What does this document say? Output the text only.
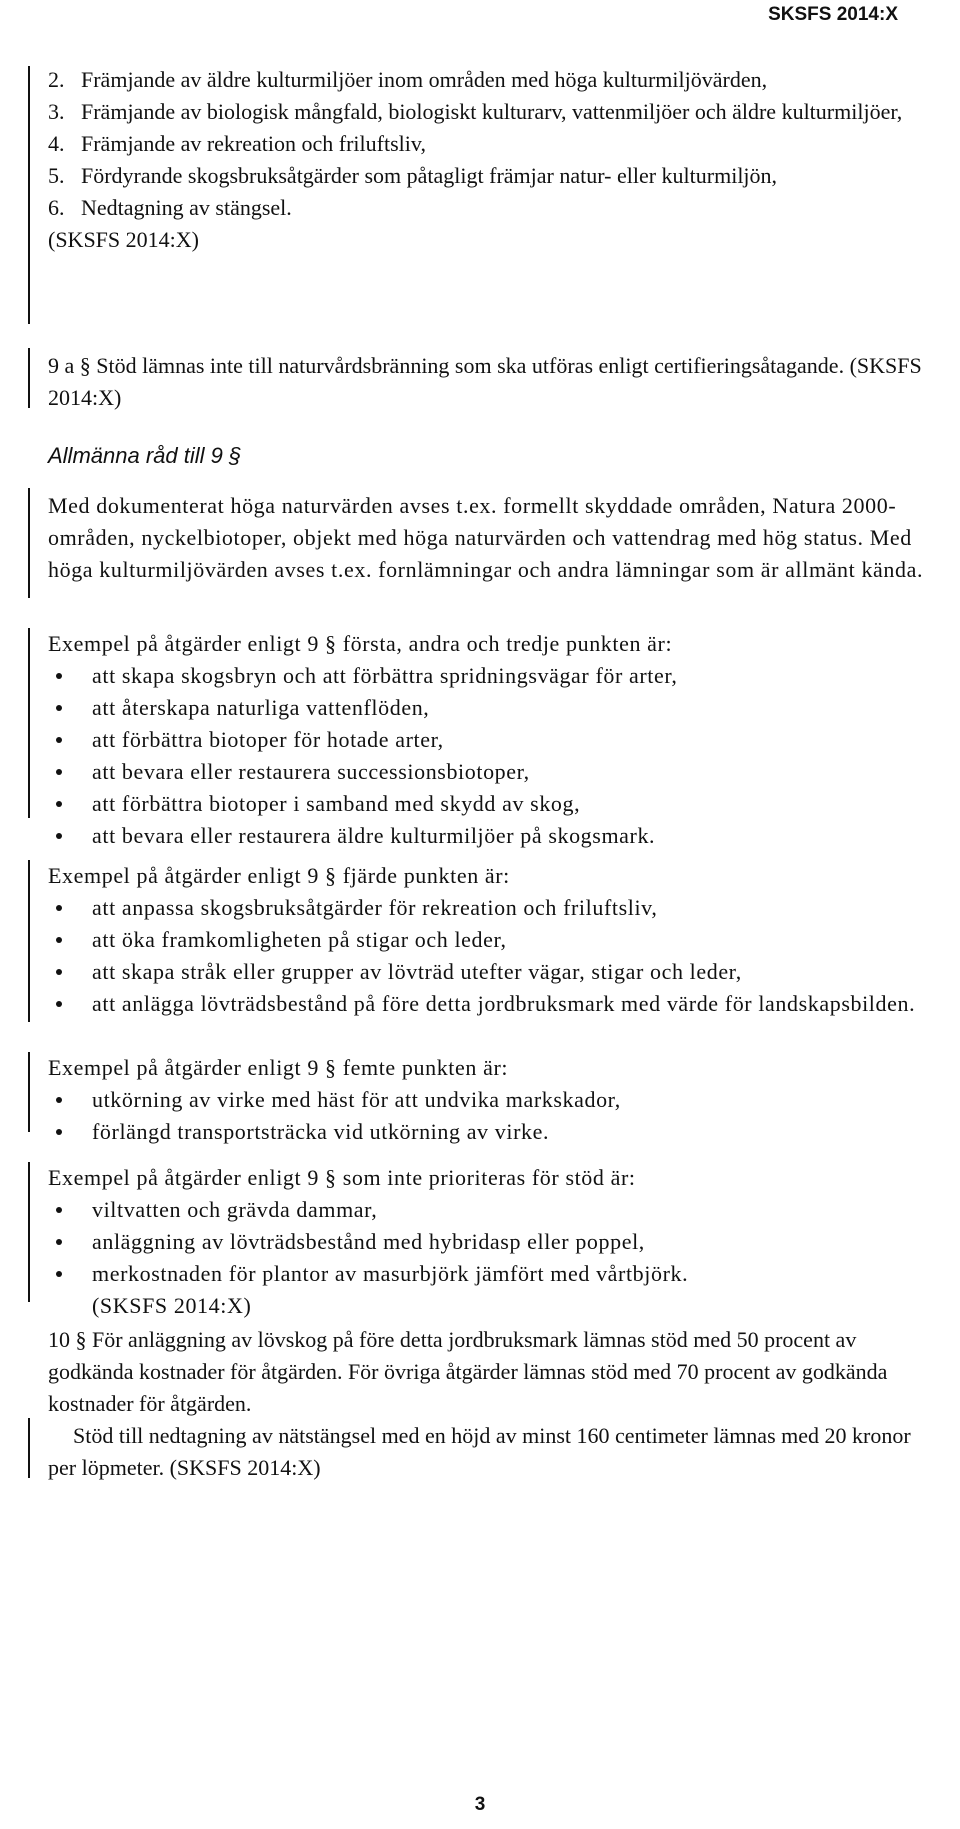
SKSFS 2014:X
2. Främjande av äldre kulturmiljöer inom områden med höga kulturmiljövärden,
3. Främjande av biologisk mångfald, biologiskt kulturarv, vattenmiljöer och äldre kulturmiljöer,
4. Främjande av rekreation och friluftsliv,
5. Fördyrande skogsbruksåtgärder som påtagligt främjar natur- eller kulturmiljön,
6. Nedtagning av stängsel.
(SKSFS 2014:X)
9 a § Stöd lämnas inte till naturvårdsbränning som ska utföras enligt certifieringsåtagande. (SKSFS 2014:X)
Allmänna råd till 9 §
Med dokumenterat höga naturvärden avses t.ex. formellt skyddade områden, Natura 2000-områden, nyckelbiotoper, objekt med höga naturvärden och vattendrag med hög status. Med höga kulturmiljövärden avses t.ex. fornlämningar och andra lämningar som är allmänt kända.
Exempel på åtgärder enligt 9 § första, andra och tredje punkten är:
att skapa skogsbryn och att förbättra spridningsvägar för arter,
att återskapa naturliga vattenflöden,
att förbättra biotoper för hotade arter,
att bevara eller restaurera successionsbiotoper,
att förbättra biotoper i samband med skydd av skog,
att bevara eller restaurera äldre kulturmiljöer på skogsmark.
Exempel på åtgärder enligt 9 § fjärde punkten är:
att anpassa skogsbruksåtgärder för rekreation och friluftsliv,
att öka framkomligheten på stigar och leder,
att skapa stråk eller grupper av lövträd utefter vägar, stigar och leder,
att anlägga lövträdsbestånd på före detta jordbruksmark med värde för landskapsbilden.
Exempel på åtgärder enligt 9 § femte punkten är:
utkörning av virke med häst för att undvika markskador,
förlängd transportsträcka vid utkörning av virke.
Exempel på åtgärder enligt 9 § som inte prioriteras för stöd är:
viltvatten och grävda dammar,
anläggning av lövträdsbestånd med hybridasp eller poppel,
merkostnaden för plantor av masurbjörk jämfört med vårtbjörk.
(SKSFS 2014:X)
10 § För anläggning av lövskog på före detta jordbruksmark lämnas stöd med 50 procent av godkända kostnader för åtgärden. För övriga åtgärder lämnas stöd med 70 procent av godkända kostnader för åtgärden.
Stöd till nedtagning av nätstängsel med en höjd av minst 160 centimeter lämnas med 20 kronor per löpmeter. (SKSFS 2014:X)
3
